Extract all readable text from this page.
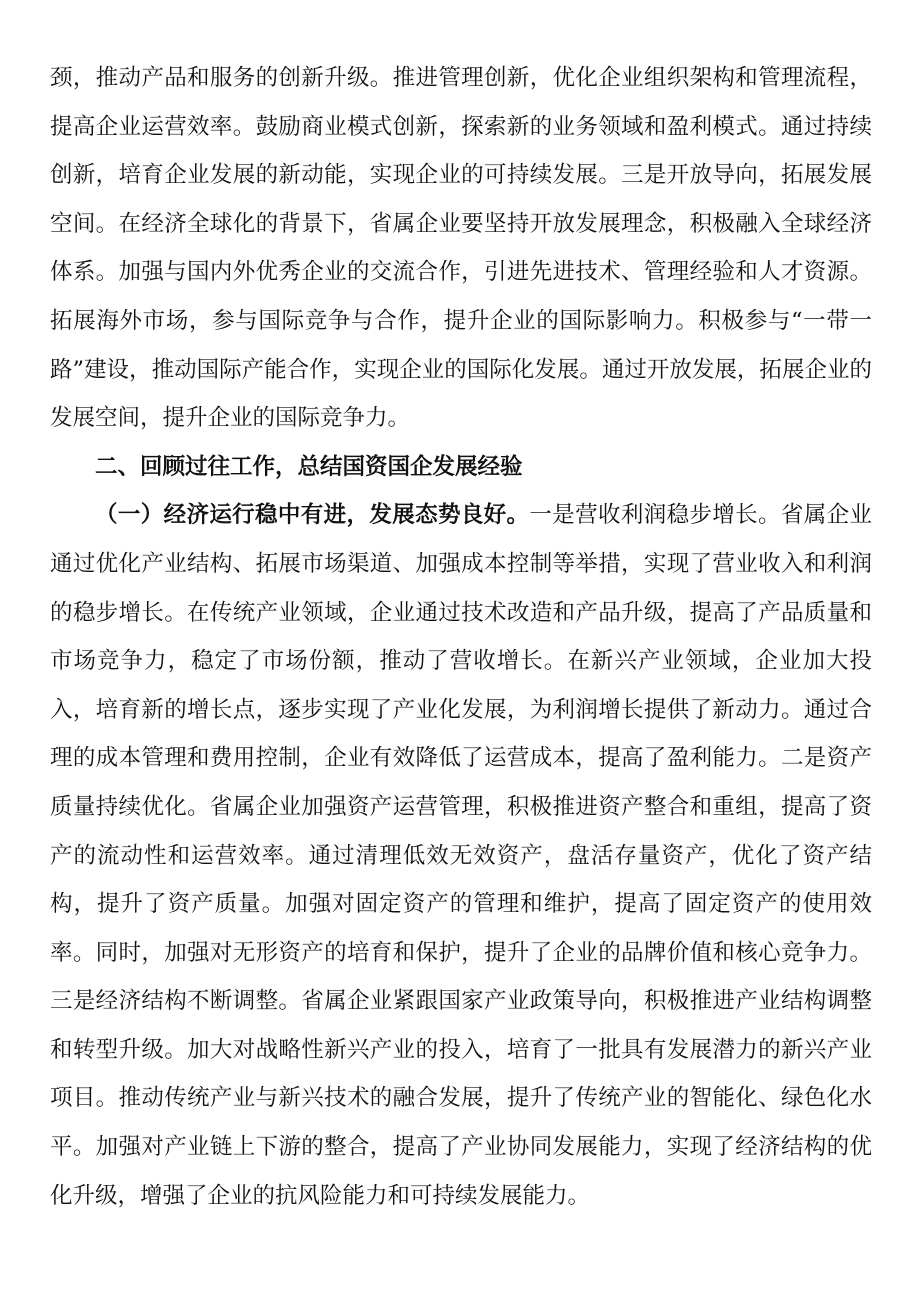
颈，推动产品和服务的创新升级。推进管理创新，优化企业组织架构和管理流程，提高企业运营效率。鼓励商业模式创新，探索新的业务领域和盈利模式。通过持续创新，培育企业发展的新动能，实现企业的可持续发展。三是开放导向，拓展发展空间。在经济全球化的背景下，省属企业要坚持开放发展理念，积极融入全球经济体系。加强与国内外优秀企业的交流合作，引进先进技术、管理经验和人才资源。拓展海外市场，参与国际竞争与合作，提升企业的国际影响力。积极参与“一带一路”建设，推动国际产能合作，实现企业的国际化发展。通过开放发展，拓展企业的发展空间，提升企业的国际竞争力。

二、回顾过往工作，总结国资国企发展经验

（一）经济运行稳中有进，发展态势良好。一是营收利润稳步增长。省属企业通过优化产业结构、拓展市场渠道、加强成本控制等举措，实现了营业收入和利润的稳步增长。在传统产业领域，企业通过技术改造和产品升级，提高了产品质量和市场竞争力，稳定了市场份额，推动了营收增长。在新兴产业领域，企业加大投入，培育新的增长点，逐步实现了产业化发展，为利润增长提供了新动力。通过合理的成本管理和费用控制，企业有效降低了运营成本，提高了盈利能力。二是资产质量持续优化。省属企业加强资产运营管理，积极推进资产整合和重组，提高了资产的流动性和运营效率。通过清理低效无效资产，盘活存量资产，优化了资产结构，提升了资产质量。加强对固定资产的管理和维护，提高了固定资产的使用效率。同时，加强对无形资产的培育和保护，提升了企业的品牌价值和核心竞争力。三是经济结构不断调整。省属企业紧跟国家产业政策导向，积极推进产业结构调整和转型升级。加大对战略性新兴产业的投入，培育了一批具有发展潜力的新兴产业项目。推动传统产业与新兴技术的融合发展，提升了传统产业的智能化、绿色化水平。加强对产业链上下游的整合，提高了产业协同发展能力，实现了经济结构的优化升级，增强了企业的抗风险能力和可持续发展能力。
